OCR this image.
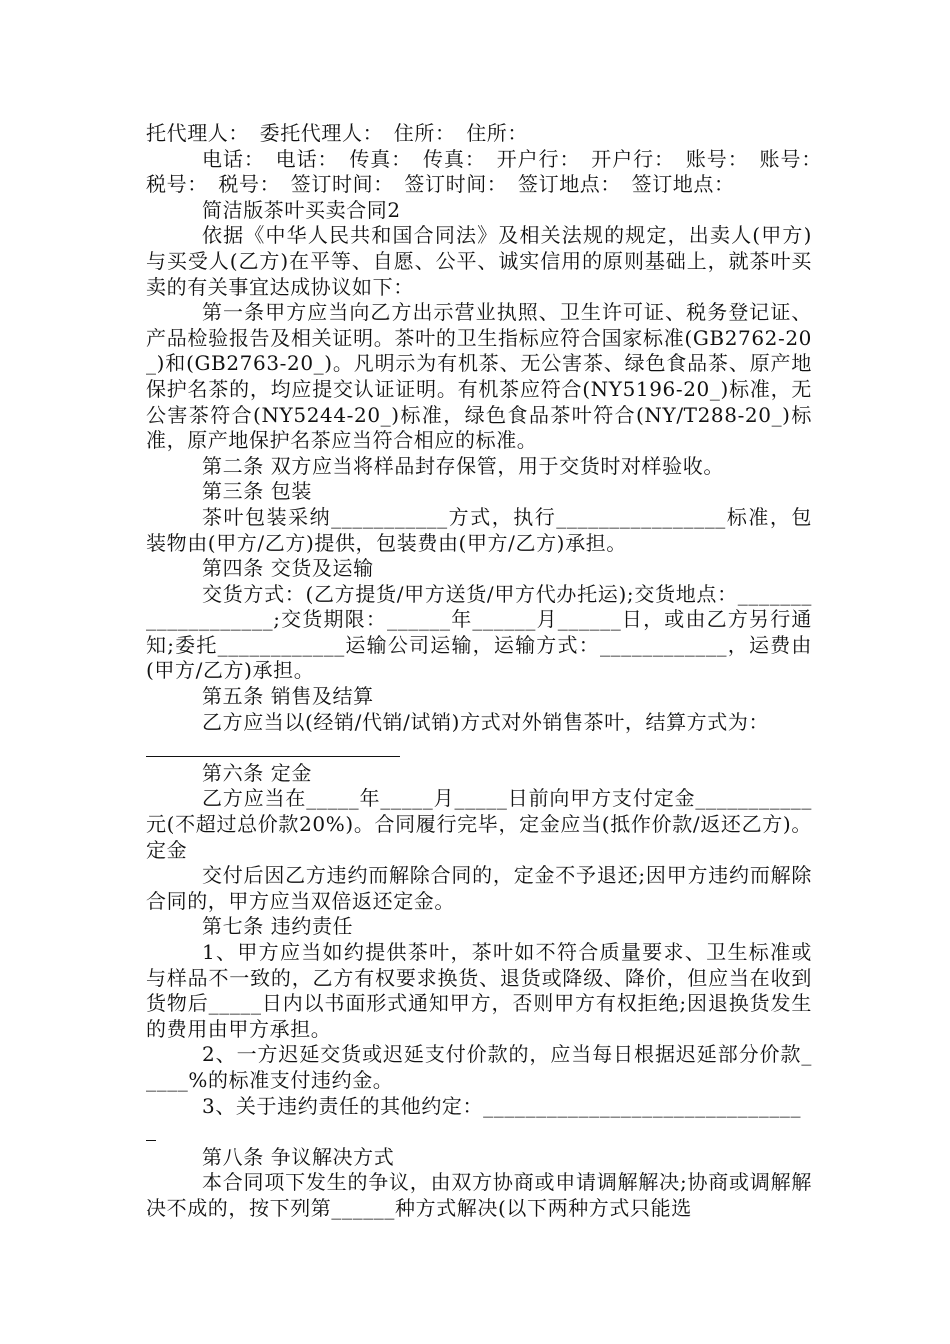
托代理人：　委托代理人：　住所：　住所：

电话：　电话：　传真：　传真：　开户行：　开户行：　账号：　账号：　税号：　税号：　签订时间：　签订时间：　签订地点：　签订地点：

简洁版茶叶买卖合同2

依据《中华人民共和国合同法》及相关法规的规定，出卖人(甲方)与买受人(乙方)在平等、自愿、公平、诚实信用的原则基础上，就茶叶买卖的有关事宜达成协议如下：

第一条甲方应当向乙方出示营业执照、卫生许可证、税务登记证、产品检验报告及相关证明。茶叶的卫生指标应符合国家标准(GB2762-20_)和(GB2763-20_)。凡明示为有机茶、无公害茶、绿色食品茶、原产地保护名茶的，均应提交认证证明。有机茶应符合(NY5196-20_)标准，无公害茶符合(NY5244-20_)标准，绿色食品茶叶符合(NY/T288-20_)标准，原产地保护名茶应当符合相应的标准。

第二条 双方应当将样品封存保管，用于交货时对样验收。

第三条 包装

茶叶包装采纳___________方式，执行________________标准，包装物由(甲方/乙方)提供，包装费由(甲方/乙方)承担。

第四条 交货及运输

交货方式：(乙方提货/甲方送货/甲方代办托运);交货地点：___________________;交货期限：______年______月______日，或由乙方另行通知;委托____________运输公司运输，运输方式：____________，运费由(甲方/乙方)承担。

第五条 销售及结算

乙方应当以(经销/代销/试销)方式对外销售茶叶，结算方式为：

第六条 定金

乙方应当在_____年_____月_____日前向甲方支付定金___________元(不超过总价款20%)。合同履行完毕，定金应当(抵作价款/返还乙方)。定金

交付后因乙方违约而解除合同的，定金不予退还;因甲方违约而解除合同的，甲方应当双倍返还定金。

第七条 违约责任

1、甲方应当如约提供茶叶，茶叶如不符合质量要求、卫生标准或与样品不一致的，乙方有权要求换货、退货或降级、降价，但应当在收到货物后_____日内以书面形式通知甲方，否则甲方有权拒绝;因退换货发生的费用由甲方承担。

2、一方迟延交货或迟延支付价款的，应当每日根据迟延部分价款_____%的标准支付违约金。

3、关于违约责任的其他约定：______________________________

第八条 争议解决方式

本合同项下发生的争议，由双方协商或申请调解解决;协商或调解解决不成的，按下列第______种方式解决(以下两种方式只能选
